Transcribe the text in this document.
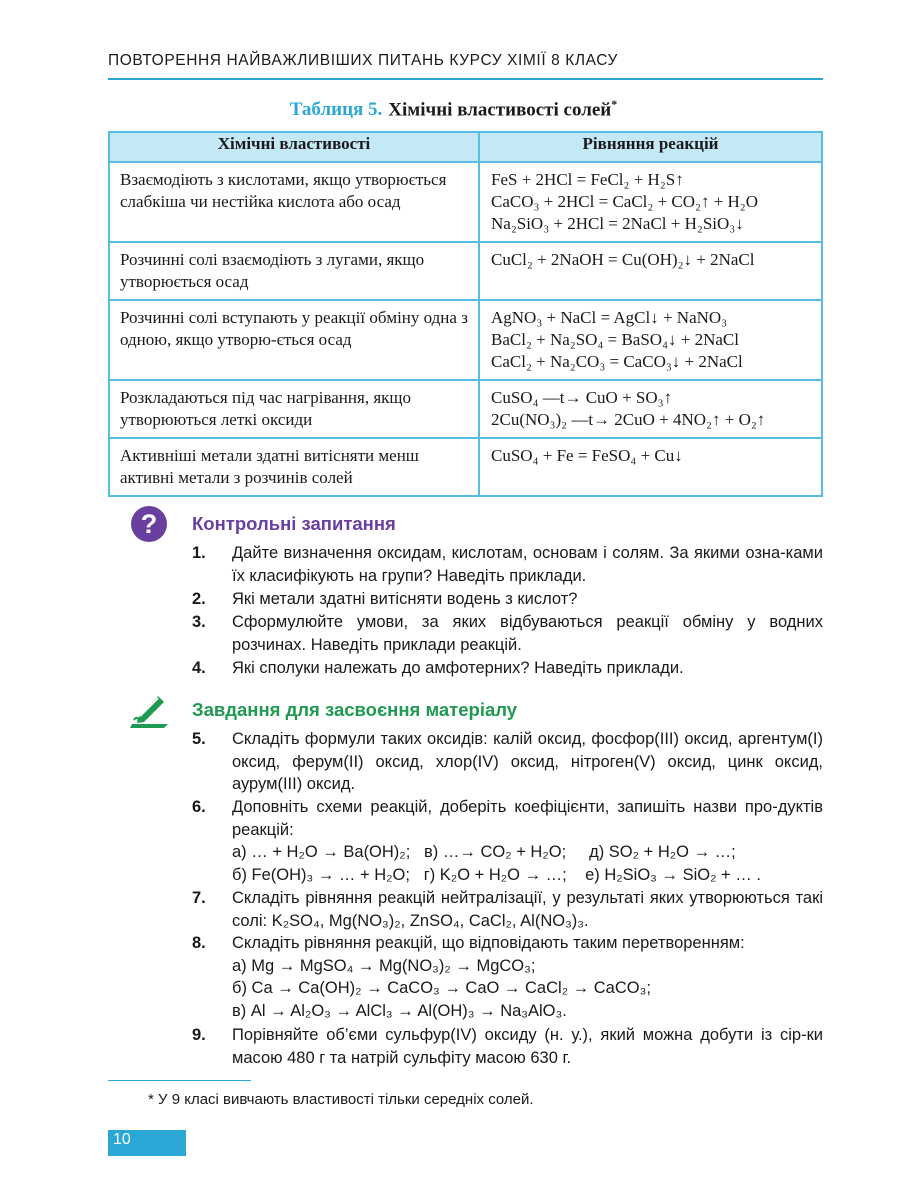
ПОВТОРЕННЯ НАЙВАЖЛИВІШИХ ПИТАНЬ КУРСУ ХІМІЇ 8 КЛАСУ
Таблиця 5. Хімічні властивості солей*
Хімічні властивості	Рівняння реакцій
Взаємодіють з кислотами, якщо утворюється слабкіша чи нестійка кислота або осад	FeS + 2HCl = FeCl₂ + H₂S↑
CaCO₃ + 2HCl = CaCl₂ + CO₂↑ + H₂O
Na₂SiO₃ + 2HCl = 2NaCl + H₂SiO₃↓

Розчинні солі взаємодіють з лугами, якщо утворюється осад	CuCl₂ + 2NaOH = Cu(OH)₂↓ + 2NaCl

Розчинні солі вступають у реакції обміну одна з одною, якщо утворю-ється осад	AgNO₃ + NaCl = AgCl↓ + NaNO₃
BaCl₂ + Na₂SO₄ = BaSO₄↓ + 2NaCl
CaCl₂ + Na₂CO₃ = CaCO₃↓ + 2NaCl

Розкладаються під час нагрівання, якщо утворюються леткі оксиди	CuSO₄ ―t→ CuO + SO₃↑
2Cu(NO₃)₂ ―t→ 2CuO + 4NO₂↑ + O₂↑

Активніші метали здатні витісняти менш активні метали з розчинів солей	CuSO₄ + Fe = FeSO₄ + Cu↓
?	Контрольні запитання
1. Дайте визначення оксидам, кислотам, основам і солям. За якими озна-ками їх класифікують на групи? Наведіть приклади.
2. Які метали здатні витісняти водень з кислот?
3. Сформулюйте умови, за яких відбуваються реакції обміну у водних розчинах. Наведіть приклади реакцій.
4. Які сполуки належать до амфотерних? Наведіть приклади.
Завдання для засвоєння матеріалу
5. Складіть формули таких оксидів: калій оксид, фосфор(ІІІ) оксид, аргентум(І) оксид, ферум(ІІ) оксид, хлор(IV) оксид, нітроген(V) оксид, цинк оксид, аурум(ІІІ) оксид.
6. Доповніть схеми реакцій, доберіть коефіцієнти, запишіть назви про-дуктів реакцій:
а) … + H₂O → Ba(OH)₂;   в) …→ CO₂ + H₂O;     д) SO₂ + H₂O → …;
б) Fe(OH)₃ → … + H₂O;   г) K₂O + H₂O → …;    е) H₂SiO₃ → SiO₂ + … .
7. Складіть рівняння реакцій нейтралізації, у результаті яких утворюються такі солі: K₂SO₄, Mg(NO₃)₂, ZnSO₄, CaCl₂, Al(NO₃)₃.
8. Складіть рівняння реакцій, що відповідають таким перетворенням:
а) Mg → MgSO₄ → Mg(NO₃)₂ → MgCO₃;
б) Ca → Ca(OH)₂ → CaCO₃ → CaO → CaCl₂ → CaCO₃;
в) Al → Al₂O₃ → AlCl₃ → Al(OH)₃ → Na₃AlO₃.
9. Порівняйте об’єми сульфур(IV) оксиду (н. у.), який можна добути із сір-ки масою 480 г та натрій сульфіту масою 630 г.
* У 9 класі вивчають властивості тільки середніх солей.
10
